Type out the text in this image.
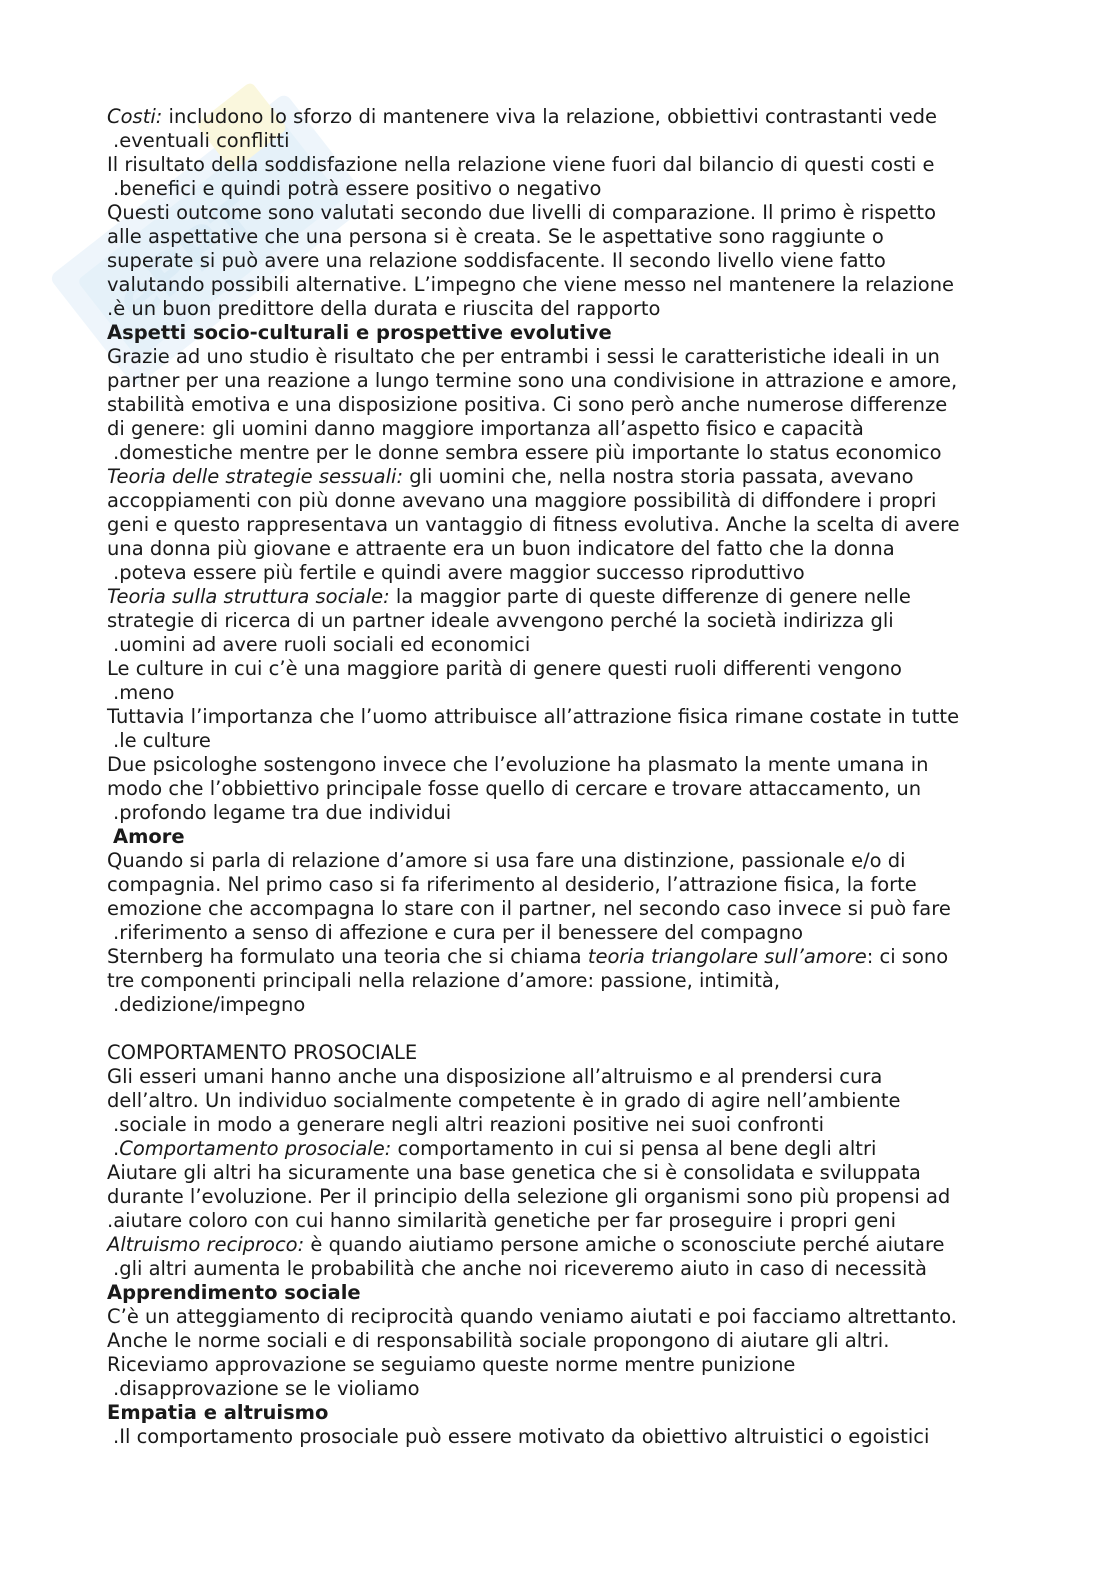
ePPT
Costi: includono lo sforzo di mantenere viva la relazione, obbiettivi contrastanti vede
.eventuali conflitti
Il risultato della soddisfazione nella relazione viene fuori dal bilancio di questi costi e
.benefici e quindi potrà essere positivo o negativo
Questi outcome sono valutati secondo due livelli di comparazione. Il primo è rispetto
alle aspettative che una persona si è creata. Se le aspettative sono raggiunte o
superate si può avere una relazione soddisfacente. Il secondo livello viene fatto
valutando possibili alternative. L’impegno che viene messo nel mantenere la relazione
.è un buon predittore della durata e riuscita del rapporto
Aspetti socio-culturali e prospettive evolutive
Grazie ad uno studio è risultato che per entrambi i sessi le caratteristiche ideali in un
partner per una reazione a lungo termine sono una condivisione in attrazione e amore,
stabilità emotiva e una disposizione positiva. Ci sono però anche numerose differenze
di genere: gli uomini danno maggiore importanza all’aspetto fisico e capacità
.domestiche mentre per le donne sembra essere più importante lo status economico
Teoria delle strategie sessuali: gli uomini che, nella nostra storia passata, avevano
accoppiamenti con più donne avevano una maggiore possibilità di diffondere i propri
geni e questo rappresentava un vantaggio di fitness evolutiva. Anche la scelta di avere
una donna più giovane e attraente era un buon indicatore del fatto che la donna
.poteva essere più fertile e quindi avere maggior successo riproduttivo
Teoria sulla struttura sociale: la maggior parte di queste differenze di genere nelle
strategie di ricerca di un partner ideale avvengono perché la società indirizza gli
.uomini ad avere ruoli sociali ed economici
Le culture in cui c’è una maggiore parità di genere questi ruoli differenti vengono
.meno
Tuttavia l’importanza che l’uomo attribuisce all’attrazione fisica rimane costate in tutte
.le culture
Due psicologhe sostengono invece che l’evoluzione ha plasmato la mente umana in
modo che l’obbiettivo principale fosse quello di cercare e trovare attaccamento, un
.profondo legame tra due individui
Amore
Quando si parla di relazione d’amore si usa fare una distinzione, passionale e/o di
compagnia. Nel primo caso si fa riferimento al desiderio, l’attrazione fisica, la forte
emozione che accompagna lo stare con il partner, nel secondo caso invece si può fare
.riferimento a senso di affezione e cura per il benessere del compagno
Sternberg ha formulato una teoria che si chiama teoria triangolare sull’amore: ci sono
tre componenti principali nella relazione d’amore: passione, intimità,
.dedizione/impegno
COMPORTAMENTO PROSOCIALE
Gli esseri umani hanno anche una disposizione all’altruismo e al prendersi cura
dell’altro. Un individuo socialmente competente è in grado di agire nell’ambiente
.sociale in modo a generare negli altri reazioni positive nei suoi confronti
.Comportamento prosociale: comportamento in cui si pensa al bene degli altri
Aiutare gli altri ha sicuramente una base genetica che si è consolidata e sviluppata
durante l’evoluzione. Per il principio della selezione gli organismi sono più propensi ad
.aiutare coloro con cui hanno similarità genetiche per far proseguire i propri geni
Altruismo reciproco: è quando aiutiamo persone amiche o sconosciute perché aiutare
.gli altri aumenta le probabilità che anche noi riceveremo aiuto in caso di necessità
Apprendimento sociale
C’è un atteggiamento di reciprocità quando veniamo aiutati e poi facciamo altrettanto.
Anche le norme sociali e di responsabilità sociale propongono di aiutare gli altri.
Riceviamo approvazione se seguiamo queste norme mentre punizione
.disapprovazione se le violiamo
Empatia e altruismo
.Il comportamento prosociale può essere motivato da obiettivo altruistici o egoistici
